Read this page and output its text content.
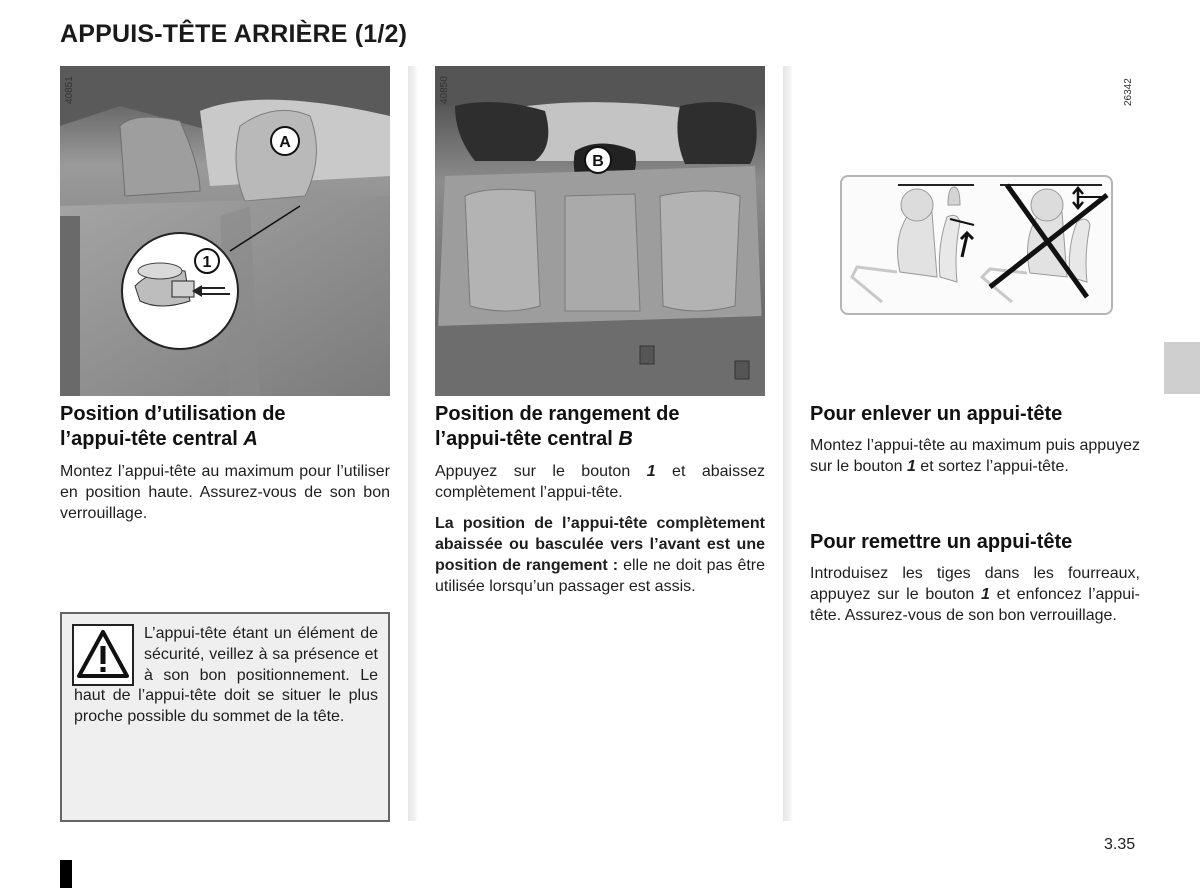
APPUIS-TÊTE ARRIÈRE (1/2)
A
1
40851
B
40850	26342
Position d’utilisation de
l’appui-tête central A
Montez l’appui-tête au maximum pour l’utiliser en position haute. Assurez-vous de son bon verrouillage.
L’appui-tête étant un élément de sécurité, veillez à sa présence et à son bon positionnement. Le haut de l’appui-tête doit se situer le plus proche possible du sommet de la tête.
Position de rangement de
l’appui-tête central B
Appuyez sur le bouton 1 et abaissez complètement l’appui-tête.
La position de l’appui-tête complètement abaissée ou basculée vers l’avant est une position de rangement : elle ne doit pas être utilisée lorsqu’un passager est assis.
Pour enlever un appui-tête
Montez l’appui-tête au maximum puis appuyez sur le bouton 1 et sortez l’appui-tête.
Pour remettre un appui-tête
Introduisez les tiges dans les fourreaux, appuyez sur le bouton 1 et enfoncez l’appui-tête. Assurez-vous de son bon verrouillage.
3.35
